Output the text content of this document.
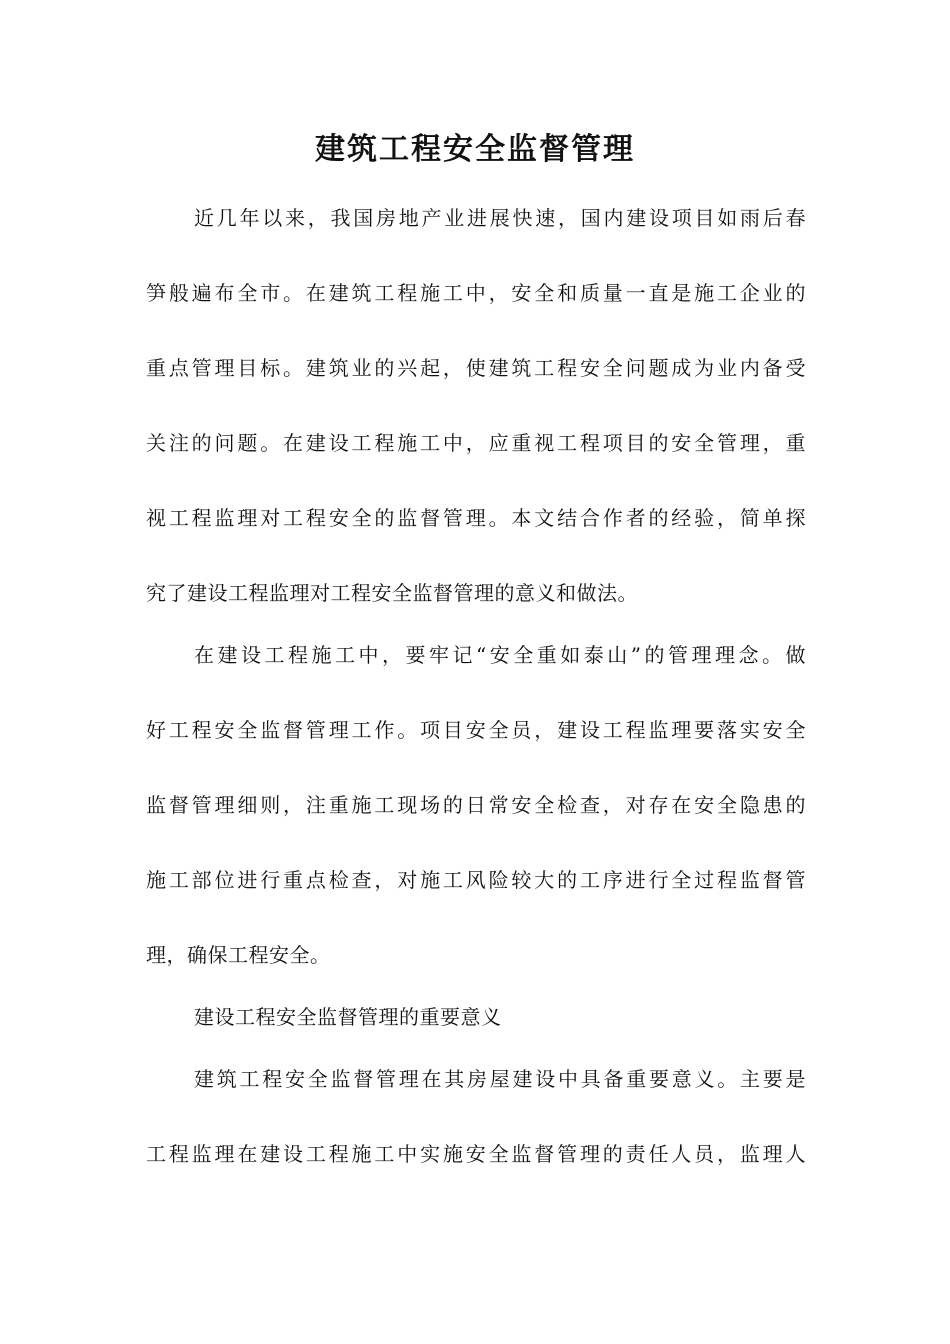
建筑工程安全监督管理
近几年以来，我国房地产业进展快速，国内建设项目如雨后春
笋般遍布全市。在建筑工程施工中，安全和质量一直是施工企业的
重点管理目标。建筑业的兴起，使建筑工程安全问题成为业内备受
关注的问题。在建设工程施工中，应重视工程项目的安全管理，重
视工程监理对工程安全的监督管理。本文结合作者的经验，简单探
究了建设工程监理对工程安全监督管理的意义和做法。
在建设工程施工中，要牢记“安全重如泰山”的管理理念。做
好工程安全监督管理工作。项目安全员，建设工程监理要落实安全
监督管理细则，注重施工现场的日常安全检查，对存在安全隐患的
施工部位进行重点检查，对施工风险较大的工序进行全过程监督管
理，确保工程安全。
建设工程安全监督管理的重要意义
建筑工程安全监督管理在其房屋建设中具备重要意义。主要是
工程监理在建设工程施工中实施安全监督管理的责任人员，监理人
